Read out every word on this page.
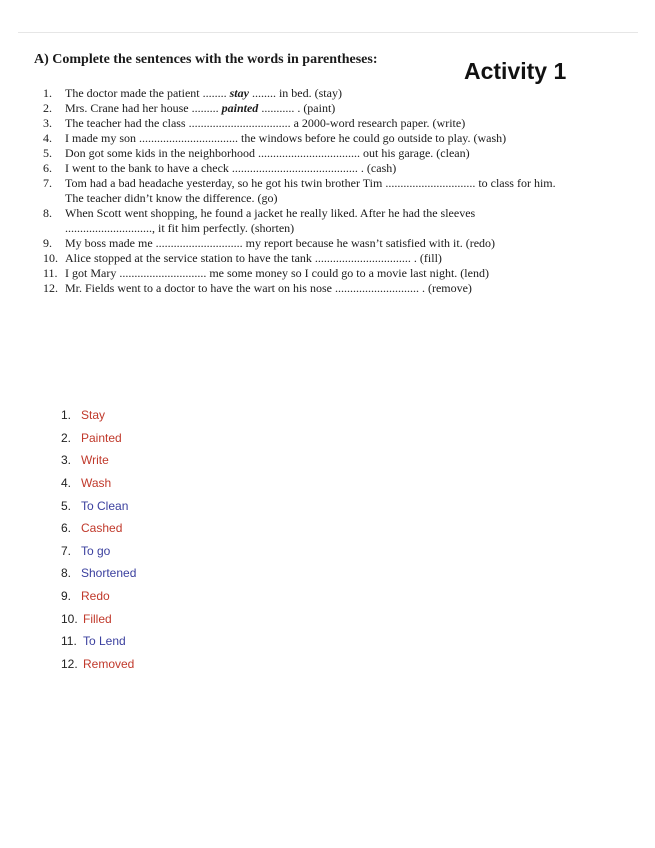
A) Complete the sentences with the words in parentheses:	Activity 1
1.	The doctor made the patient ........ stay ........ in bed. (stay)
2.	Mrs. Crane had her house ......... painted ........... . (paint)
3.	The teacher had the class .................................. a 2000-word research paper. (write)
4.	I made my son ................................. the windows before he could go outside to play. (wash)
5.	Don got some kids in the neighborhood .................................. out his garage. (clean)
6.	I went to the bank to have a check .......................................... . (cash)
7.	Tom had a bad headache yesterday, so he got his twin brother Tim .............................. to class for him. The teacher didn’t know the difference. (go)
8.	When Scott went shopping, he found a jacket he really liked. After he had the sleeves ............................., it fit him perfectly. (shorten)
9.	My boss made me ............................. my report because he wasn’t satisfied with it. (redo)
10. Alice stopped at the service station to have the tank ................................ . (fill)
11. I got Mary ............................. me some money so I could go to a movie last night. (lend)
12. Mr. Fields went to a doctor to have the wart on his nose ............................ . (remove)
1. Stay
2. Painted
3. Write
4. Wash
5. To Clean
6. Cashed
7. To go
8. Shortened
9. Redo
10. Filled
11. To Lend
12. Removed
